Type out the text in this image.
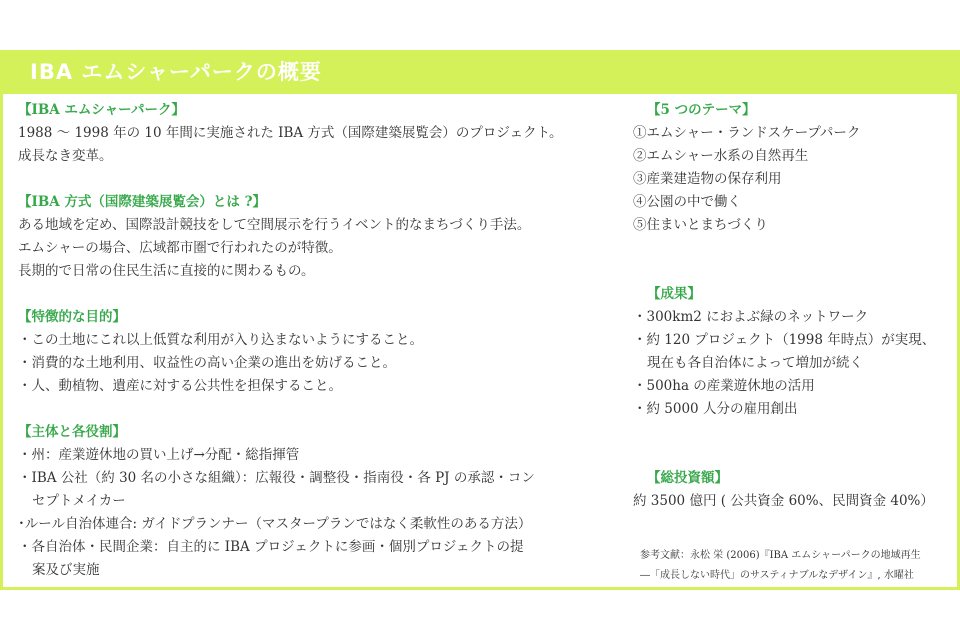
IBA エムシャーパークの概要
【IBA エムシャーパーク】
1988 ～ 1998 年の 10 年間に実施された IBA 方式（国際建築展覧会）のプロジェクト。
成長なき変革。
【IBA 方式（国際建築展覧会）とは ?】
ある地域を定め、国際設計競技をして空間展示を行うイベント的なまちづくり手法。
エムシャーの場合、広域都市圏で行われたのが特徴。
長期的で日常の住民生活に直接的に関わるもの。
【特徴的な目的】
・この土地にこれ以上低質な利用が入り込まないようにすること。
・消費的な土地利用、収益性の高い企業の進出を妨げること。
・人、動植物、遺産に対する公共性を担保すること。
【主体と各役割】
・州：産業遊休地の買い上げ→分配・総指揮管
・IBA 公社（約 30 名の小さな組織）：広報役・調整役・指南役・各 PJ の承認・コン
セプトメイカー
･ルール自治体連合: ガイドプランナー（マスタープランではなく柔軟性のある方法）
・各自治体・民間企業：自主的に IBA プロジェクトに参画・個別プロジェクトの提
案及び実施
【5 つのテーマ】
①エムシャー・ランドスケープパーク
②エムシャー水系の自然再生
③産業建造物の保存利用
④公園の中で働く
⑤住まいとまちづくり
【成果】
・300km2 におよぶ緑のネットワーク
・約 120 プロジェクト（1998 年時点）が実現、
現在も各自治体によって増加が続く
・500ha の産業遊休地の活用
・約 5000 人分の雇用創出
【総投資額】
約 3500 億円 ( 公共資金 60%、民間資金 40%）
参考文献：永松 栄 (2006)『IBA エムシャーパークの地域再生
―「成長しない時代」のサスティナブルなデザイン』, 水曜社
